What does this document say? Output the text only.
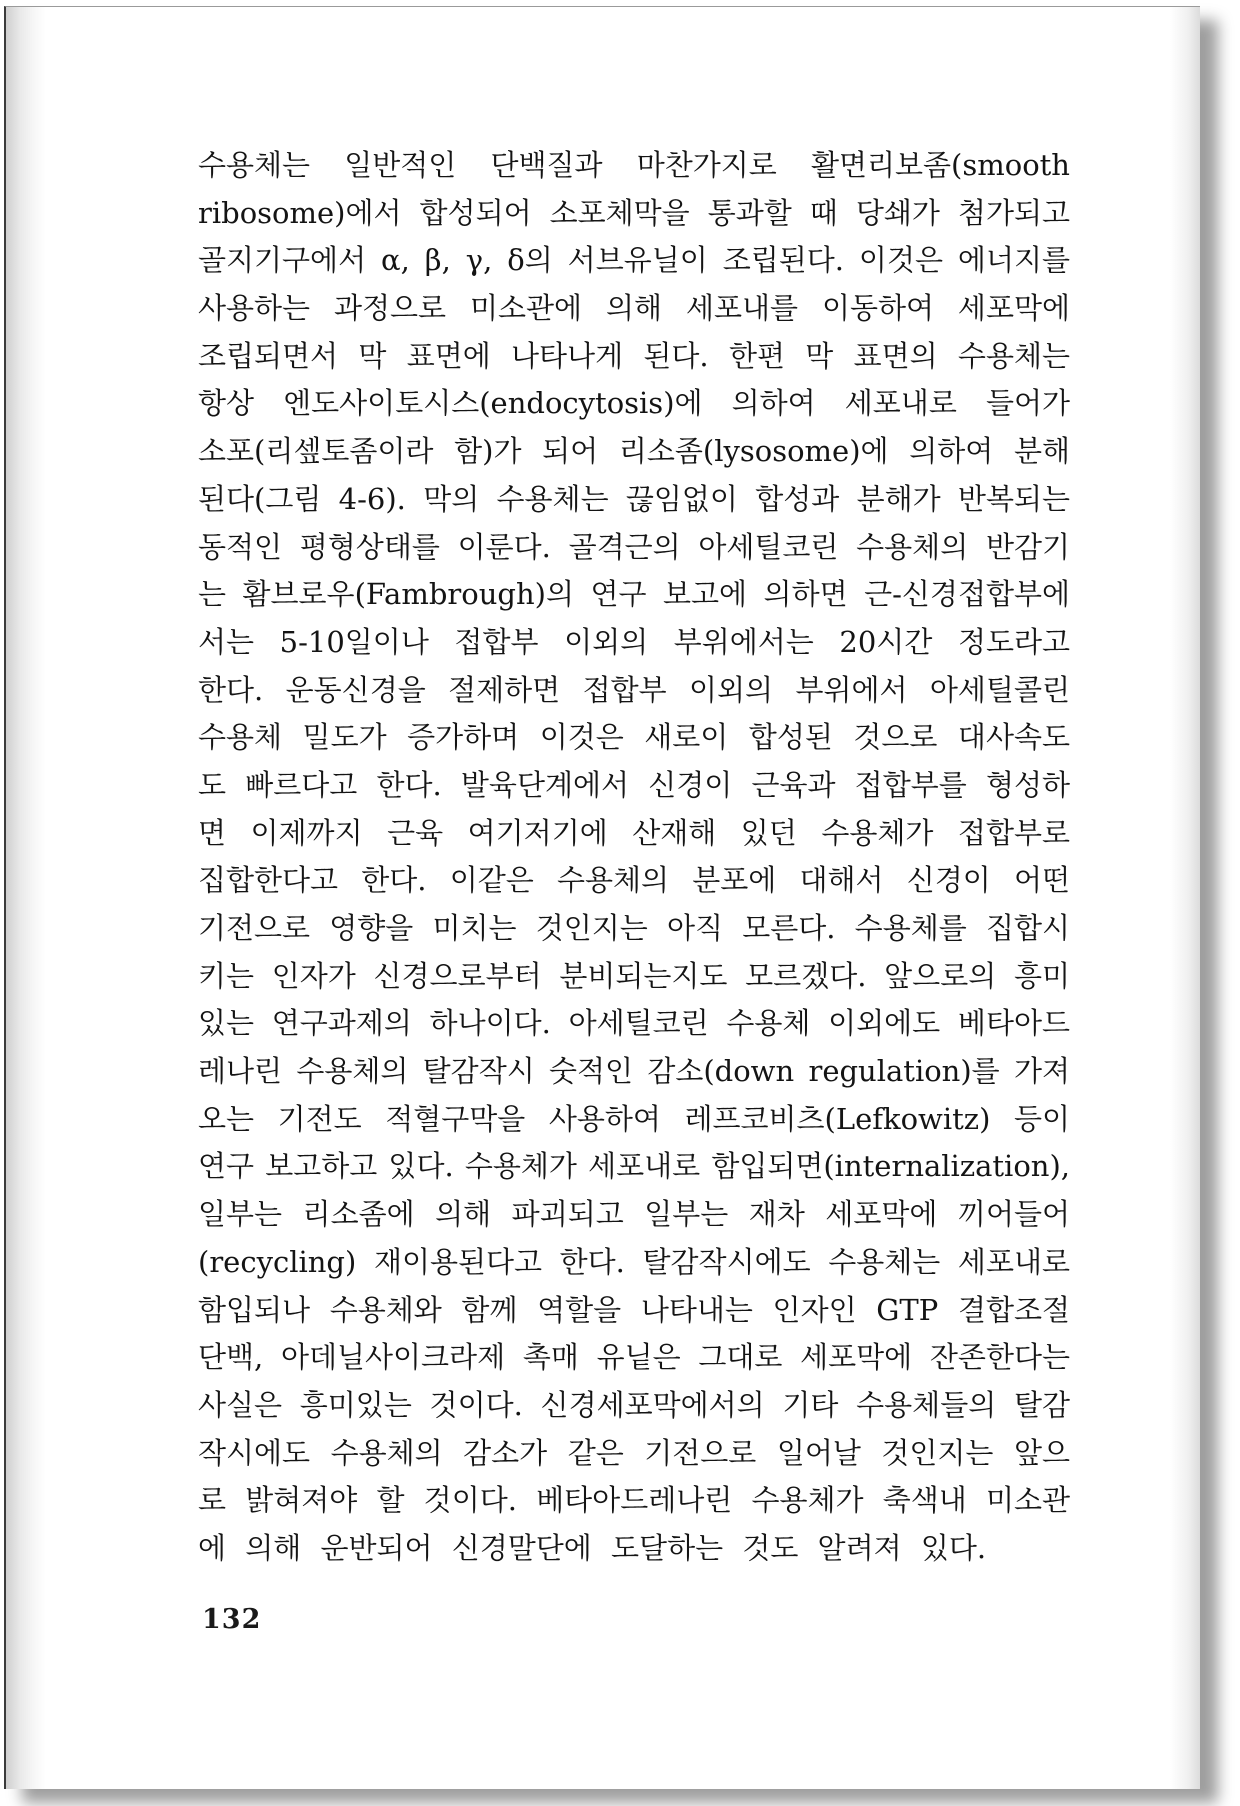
수용체는 일반적인 단백질과 마찬가지로 활면리보좀(smooth
ribosome)에서 합성되어 소포체막을 통과할 때 당쇄가 첨가되고
골지기구에서 α, β, γ, δ의 서브유닐이 조립된다. 이것은 에너지를
사용하는 과정으로 미소관에 의해 세포내를 이동하여 세포막에
조립되면서 막 표면에 나타나게 된다. 한편 막 표면의 수용체는
항상 엔도사이토시스(endocytosis)에 의하여 세포내로 들어가
소포(리셒토좀이라 함)가 되어 리소좀(lysosome)에 의하여 분해
된다(그림 4-6). 막의 수용체는 끊임없이 합성과 분해가 반복되는
동적인 평형상태를 이룬다. 골격근의 아세틸코린 수용체의 반감기
는 홤브로우(Fambrough)의 연구 보고에 의하면 근-신경접합부에
서는 5-10일이나 접합부 이외의 부위에서는 20시간 정도라고
한다. 운동신경을 절제하면 접합부 이외의 부위에서 아세틸콜린
수용체 밀도가 증가하며 이것은 새로이 합성된 것으로 대사속도
도 빠르다고 한다. 발육단계에서 신경이 근육과 접합부를 형성하
면 이제까지 근육 여기저기에 산재해 있던 수용체가 접합부로
집합한다고 한다. 이같은 수용체의 분포에 대해서 신경이 어떤
기전으로 영향을 미치는 것인지는 아직 모른다. 수용체를 집합시
키는 인자가 신경으로부터 분비되는지도 모르겠다. 앞으로의 흥미
있는 연구과제의 하나이다. 아세틸코린 수용체 이외에도 베타아드
레나린 수용체의 탈감작시 숫적인 감소(down regulation)를 가져
오는 기전도 적혈구막을 사용하여 레프코비츠(Lefkowitz) 등이
연구 보고하고 있다. 수용체가 세포내로 함입되면(internalization),
일부는 리소좀에 의해 파괴되고 일부는 재차 세포막에 끼어들어
(recycling) 재이용된다고 한다. 탈감작시에도 수용체는 세포내로
함입되나 수용체와 함께 역할을 나타내는 인자인 GTP 결합조절
단백, 아데닐사이크라제 촉매 유닡은 그대로 세포막에 잔존한다는
사실은 흥미있는 것이다. 신경세포막에서의 기타 수용체들의 탈감
작시에도 수용체의 감소가 같은 기전으로 일어날 것인지는 앞으
로 밝혀져야 할 것이다. 베타아드레나린 수용체가 축색내 미소관
에 의해 운반되어 신경말단에 도달하는 것도 알려져 있다.
132
